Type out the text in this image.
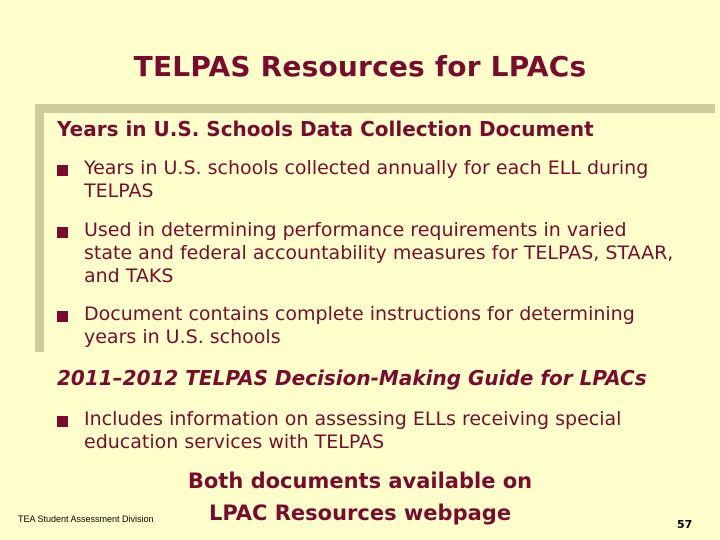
TELPAS Resources for LPACs
Years in U.S. Schools Data Collection Document
Years in U.S. schools collected annually for each ELL during TELPAS
Used in determining performance requirements in varied state and federal accountability measures for TELPAS, STAAR, and TAKS
Document contains complete instructions for determining years in U.S. schools
2011–2012 TELPAS Decision-Making Guide for LPACs
Includes information on assessing ELLs receiving special education services with TELPAS
Both documents available on
LPAC Resources webpage
TEA Student Assessment Division	57
